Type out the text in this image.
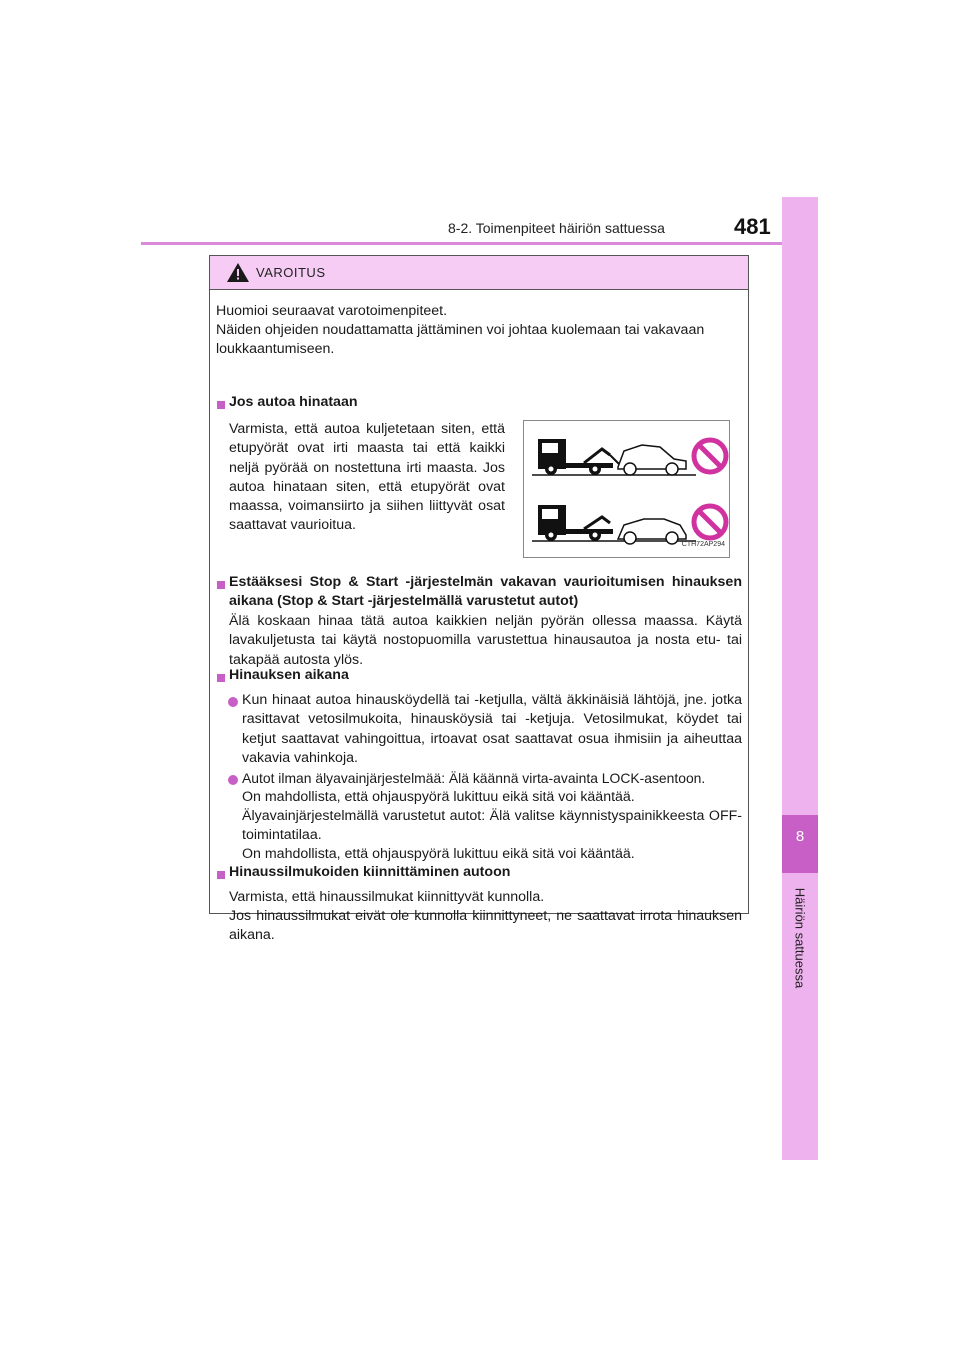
8-2. Toimenpiteet häiriön sattuessa	481
8
Häiriön sattuessa
VAROITUS

Huomioi seuraavat varotoimenpiteet.

Näiden ohjeiden noudattamatta jättäminen voi johtaa kuolemaan tai vakavaan loukkaantumiseen.

Jos autoa hinataan

Varmista, että autoa kuljetetaan siten, että etupyörät ovat irti maasta tai että kaikki neljä pyörää on nostettuna irti maasta. Jos autoa hinataan siten, että etupyörät ovat maassa, voimansiirto ja siihen liittyvät osat saattavat vaurioitua.

CTH72AP294

Estääksesi Stop & Start -järjestelmän vakavan vaurioitumisen hinauksen aikana (Stop & Start -järjestelmällä varustetut autot)

Älä koskaan hinaa tätä autoa kaikkien neljän pyörän ollessa maassa. Käytä lavakuljetusta tai käytä nostopuomilla varustettua hinausautoa ja nosta etu- tai takapää autosta ylös.

Hinauksen aikana

Kun hinaat autoa hinausköydellä tai -ketjulla, vältä äkkinäisiä lähtöjä, jne. jotka rasittavat vetosilmukoita, hinausköysiä tai -ketjuja. Vetosilmukat, köydet tai ketjut saattavat vahingoittua, irtoavat osat saattavat osua ihmisiin ja aiheuttaa vakavia vahinkoja.

Autot ilman älyavainjärjestelmää: Älä käännä virta-avainta LOCK-asentoon.

On mahdollista, että ohjauspyörä lukittuu eikä sitä voi kääntää.

Älyavainjärjestelmällä varustetut autot: Älä valitse käynnistyspainikkeesta OFF-toimintatilaa.

On mahdollista, että ohjauspyörä lukittuu eikä sitä voi kääntää.

Hinaussilmukoiden kiinnittäminen autoon

Varmista, että hinaussilmukat kiinnittyvät kunnolla.

Jos hinaussilmukat eivät ole kunnolla kiinnittyneet, ne saattavat irrota hinauksen aikana.
